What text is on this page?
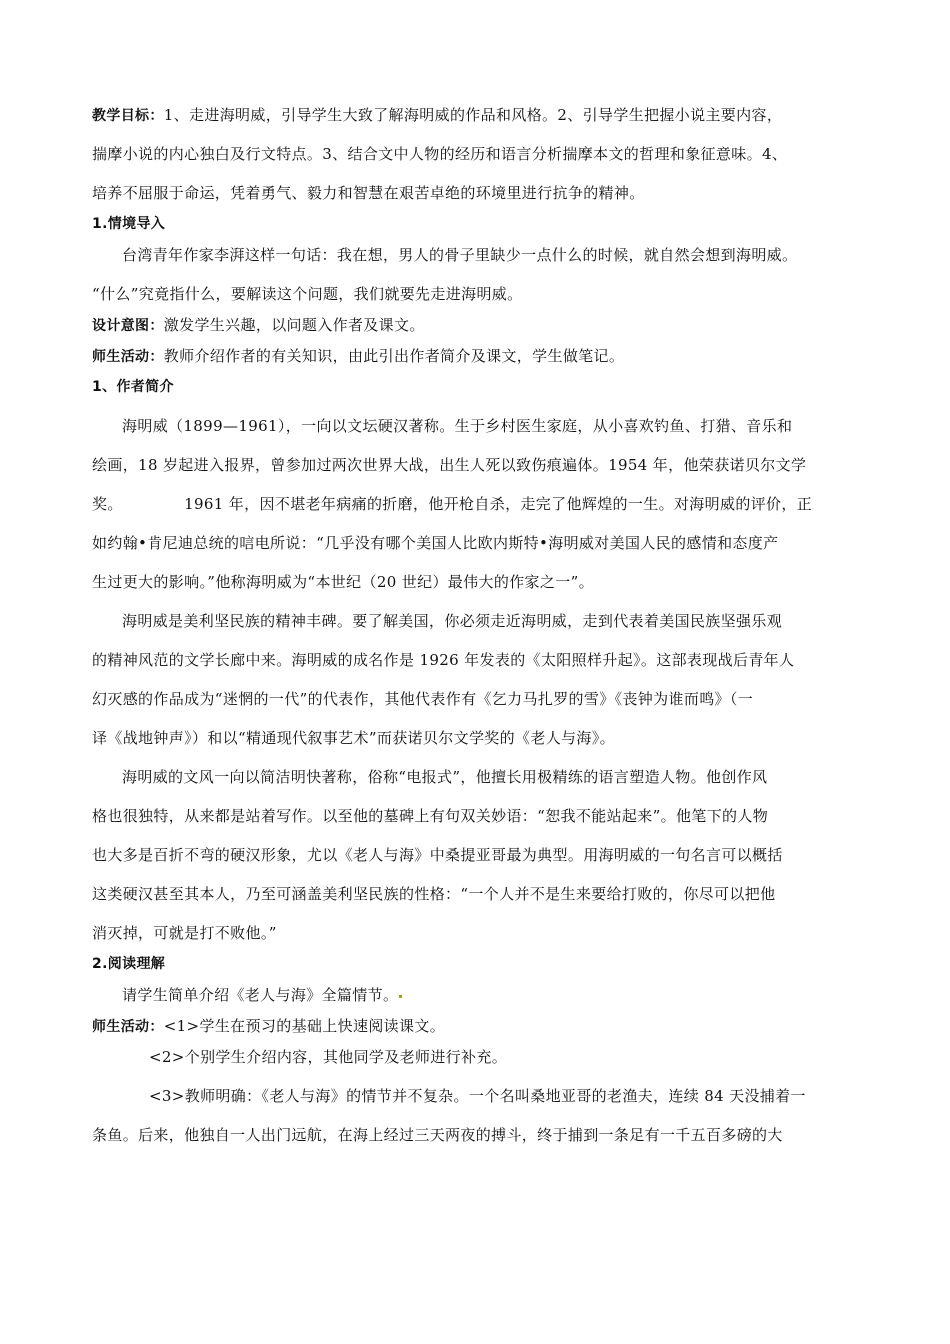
教学目标：1、走进海明威，引导学生大致了解海明威的作品和风格。2、引导学生把握小说主要内容，
揣摩小说的内心独白及行文特点。3、结合文中人物的经历和语言分析揣摩本文的哲理和象征意味。4、
培养不屈服于命运，凭着勇气、毅力和智慧在艰苦卓绝的环境里进行抗争的精神。
1.情境导入
台湾青年作家李湃这样一句话：我在想，男人的骨子里缺少一点什么的时候，就自然会想到海明威。
“什么”究竟指什么，要解读这个问题，我们就要先走进海明威。
设计意图：激发学生兴趣，以问题入作者及课文。
师生活动：教师介绍作者的有关知识，由此引出作者简介及课文，学生做笔记。
1、作者简介
海明威（1899—1961），一向以文坛硬汉著称。生于乡村医生家庭，从小喜欢钓鱼、打猎、音乐和
绘画，18 岁起进入报界，曾参加过两次世界大战，出生人死以致伤痕遍体。1954 年，他荣获诺贝尔文学
奖。            1961 年，因不堪老年病痛的折磨，他开枪自杀，走完了他辉煌的一生。对海明威的评价，正
如约翰•肯尼迪总统的唁电所说：“几乎没有哪个美国人比欧内斯特•海明威对美国人民的感情和态度产
生过更大的影响。”他称海明威为“本世纪（20 世纪）最伟大的作家之一”。
海明威是美利坚民族的精神丰碑。要了解美国，你必须走近海明威，走到代表着美国民族坚强乐观
的精神风范的文学长廊中来。海明威的成名作是 1926 年发表的《太阳照样升起》。这部表现战后青年人
幻灭感的作品成为“迷惘的一代”的代表作，其他代表作有《乞力马扎罗的雪》《丧钟为谁而鸣》（一
译《战地钟声》）和以“精通现代叙事艺术”而获诺贝尔文学奖的《老人与海》。
海明威的文风一向以简洁明快著称，俗称“电报式”，他擅长用极精练的语言塑造人物。他创作风
格也很独特，从来都是站着写作。以至他的墓碑上有句双关妙语：“恕我不能站起来”。他笔下的人物
也大多是百折不弯的硬汉形象，尤以《老人与海》中桑提亚哥最为典型。用海明威的一句名言可以概括
这类硬汉甚至其本人，乃至可涵盖美利坚民族的性格：“一个人并不是生来要给打败的，你尽可以把他
消灭掉，可就是打不败他。”
2.阅读理解
请学生简单介绍《老人与海》全篇情节。
师生活动：<1>学生在预习的基础上快速阅读课文。
<2>个别学生介绍内容，其他同学及老师进行补充。
<3>教师明确：《老人与海》的情节并不复杂。一个名叫桑地亚哥的老渔夫，连续 84 天没捕着一
条鱼。后来，他独自一人出门远航，在海上经过三天两夜的搏斗，终于捕到一条足有一千五百多磅的大
